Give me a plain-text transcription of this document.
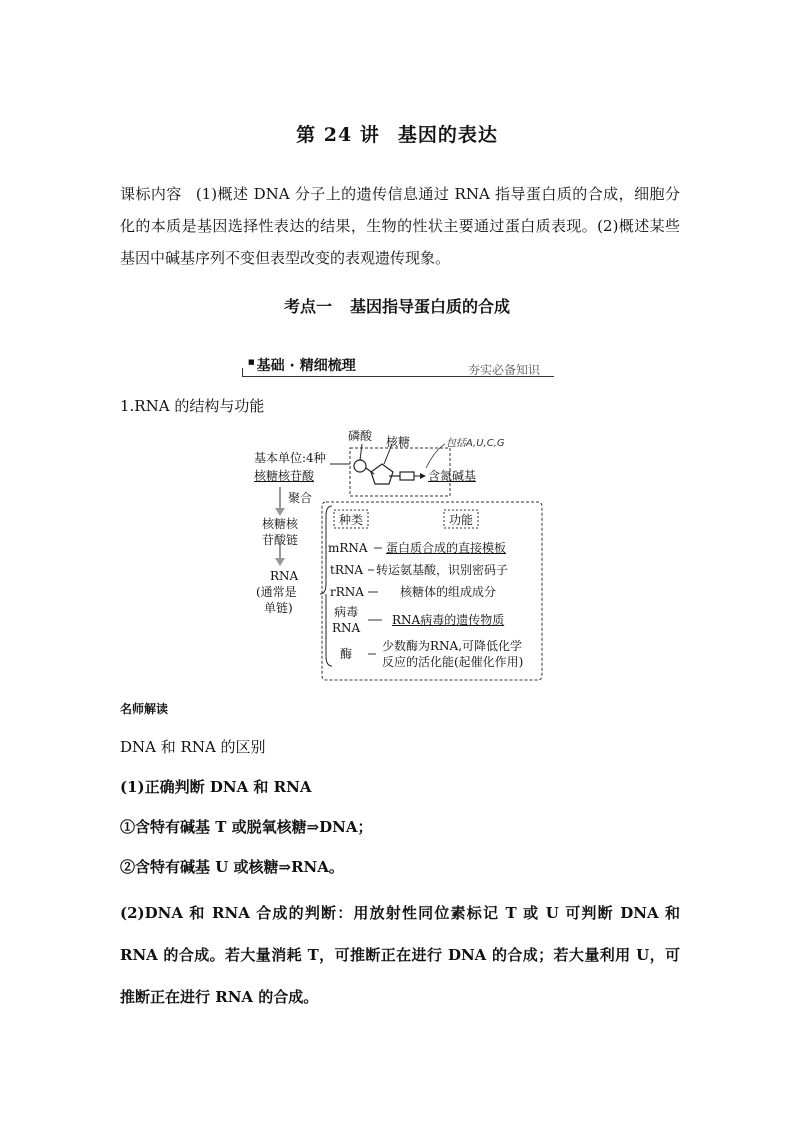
第 24 讲 基因的表达
课标内容 (1)概述 DNA 分子上的遗传信息通过 RNA 指导蛋白质的合成，细胞分化的本质是基因选择性表达的结果，生物的性状主要通过蛋白质表现。(2)概述某些基因中碱基序列不变但表型改变的表观遗传现象。
考点一 基因指导蛋白质的合成
■ 基础 · 精细梳理	夯实必备知识
1.RNA 的结构与功能
磷酸 核糖	包括A,U,C,G
含氮碱基
基本单位:4种
核糖核苷酸
聚合
核糖核
苷酸链
RNA
(通常是
单链)
种类	功能
mRNA 蛋白质合成的直接模板
tRNA 转运氨基酸，识别密码子
rRNA	核糖体的组成成分
病毒
RNA
RNA病毒的遗传物质
酶
少数酶为RNA,可降低化学
反应的活化能(起催化作用)
名师解读
DNA 和 RNA 的区别
(1)正确判断 DNA 和 RNA
①含特有碱基 T 或脱氧核糖⇒DNA；
②含特有碱基 U 或核糖⇒RNA。
(2)DNA 和 RNA 合成的判断：用放射性同位素标记 T 或 U 可判断 DNA 和 RNA 的合成。若大量消耗 T，可推断正在进行 DNA 的合成；若大量利用 U，可推断正在进行 RNA 的合成。
